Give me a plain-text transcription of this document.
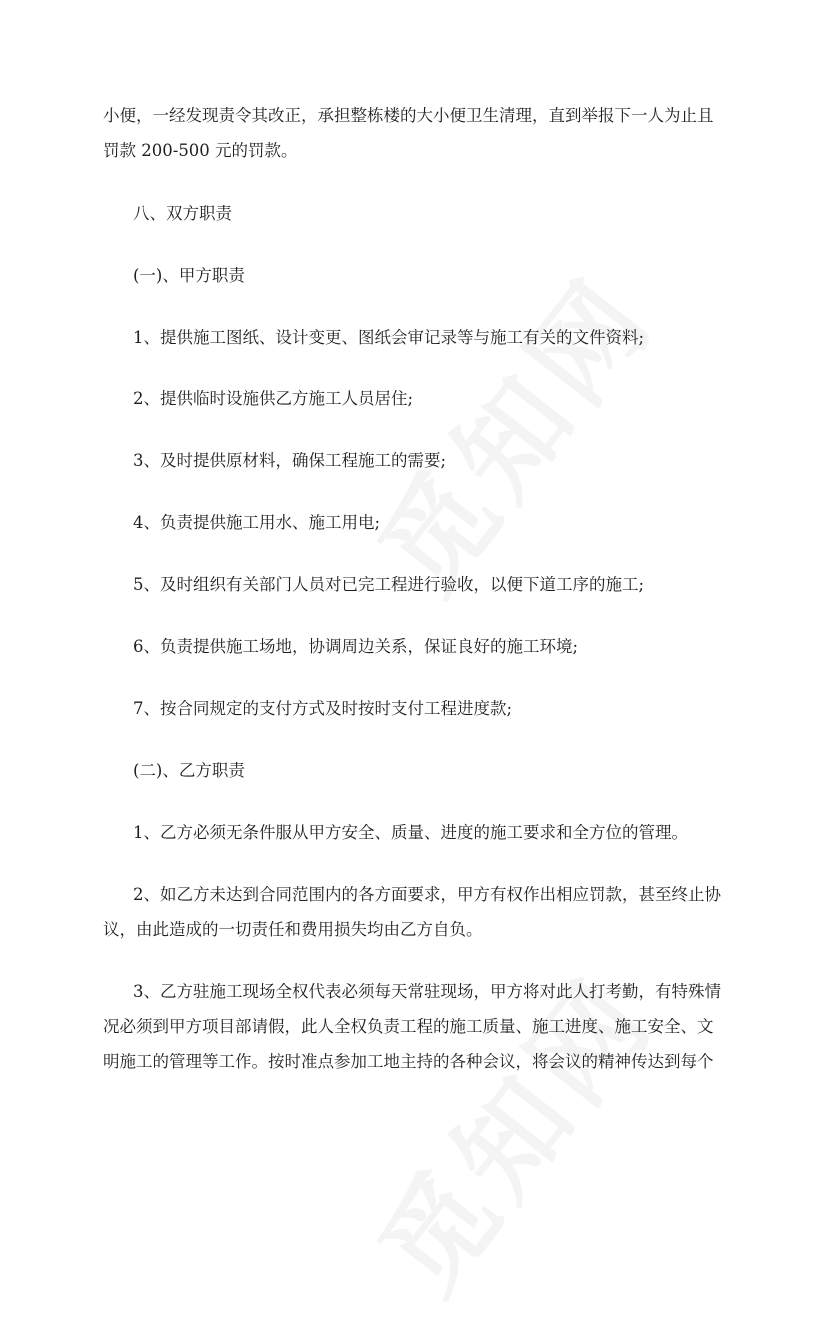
小便，一经发现责令其改正，承担整栋楼的大小便卫生清理，直到举报下一人为止且

罚款 200-500 元的罚款。

八、双方职责

(一)、甲方职责

1、提供施工图纸、设计变更、图纸会审记录等与施工有关的文件资料;

2、提供临时设施供乙方施工人员居住;

3、及时提供原材料，确保工程施工的需要;

4、负责提供施工用水、施工用电;

5、及时组织有关部门人员对已完工程进行验收，以便下道工序的施工;

6、负责提供施工场地，协调周边关系，保证良好的施工环境;

7、按合同规定的支付方式及时按时支付工程进度款;

(二)、乙方职责

1、乙方必须无条件服从甲方安全、质量、进度的施工要求和全方位的管理。

2、如乙方未达到合同范围内的各方面要求，甲方有权作出相应罚款，甚至终止协

议，由此造成的一切责任和费用损失均由乙方自负。

3、乙方驻施工现场全权代表必须每天常驻现场，甲方将对此人打考勤，有特殊情

况必须到甲方项目部请假，此人全权负责工程的施工质量、施工进度、施工安全、文

明施工的管理等工作。按时准点参加工地主持的各种会议，将会议的精神传达到每个
